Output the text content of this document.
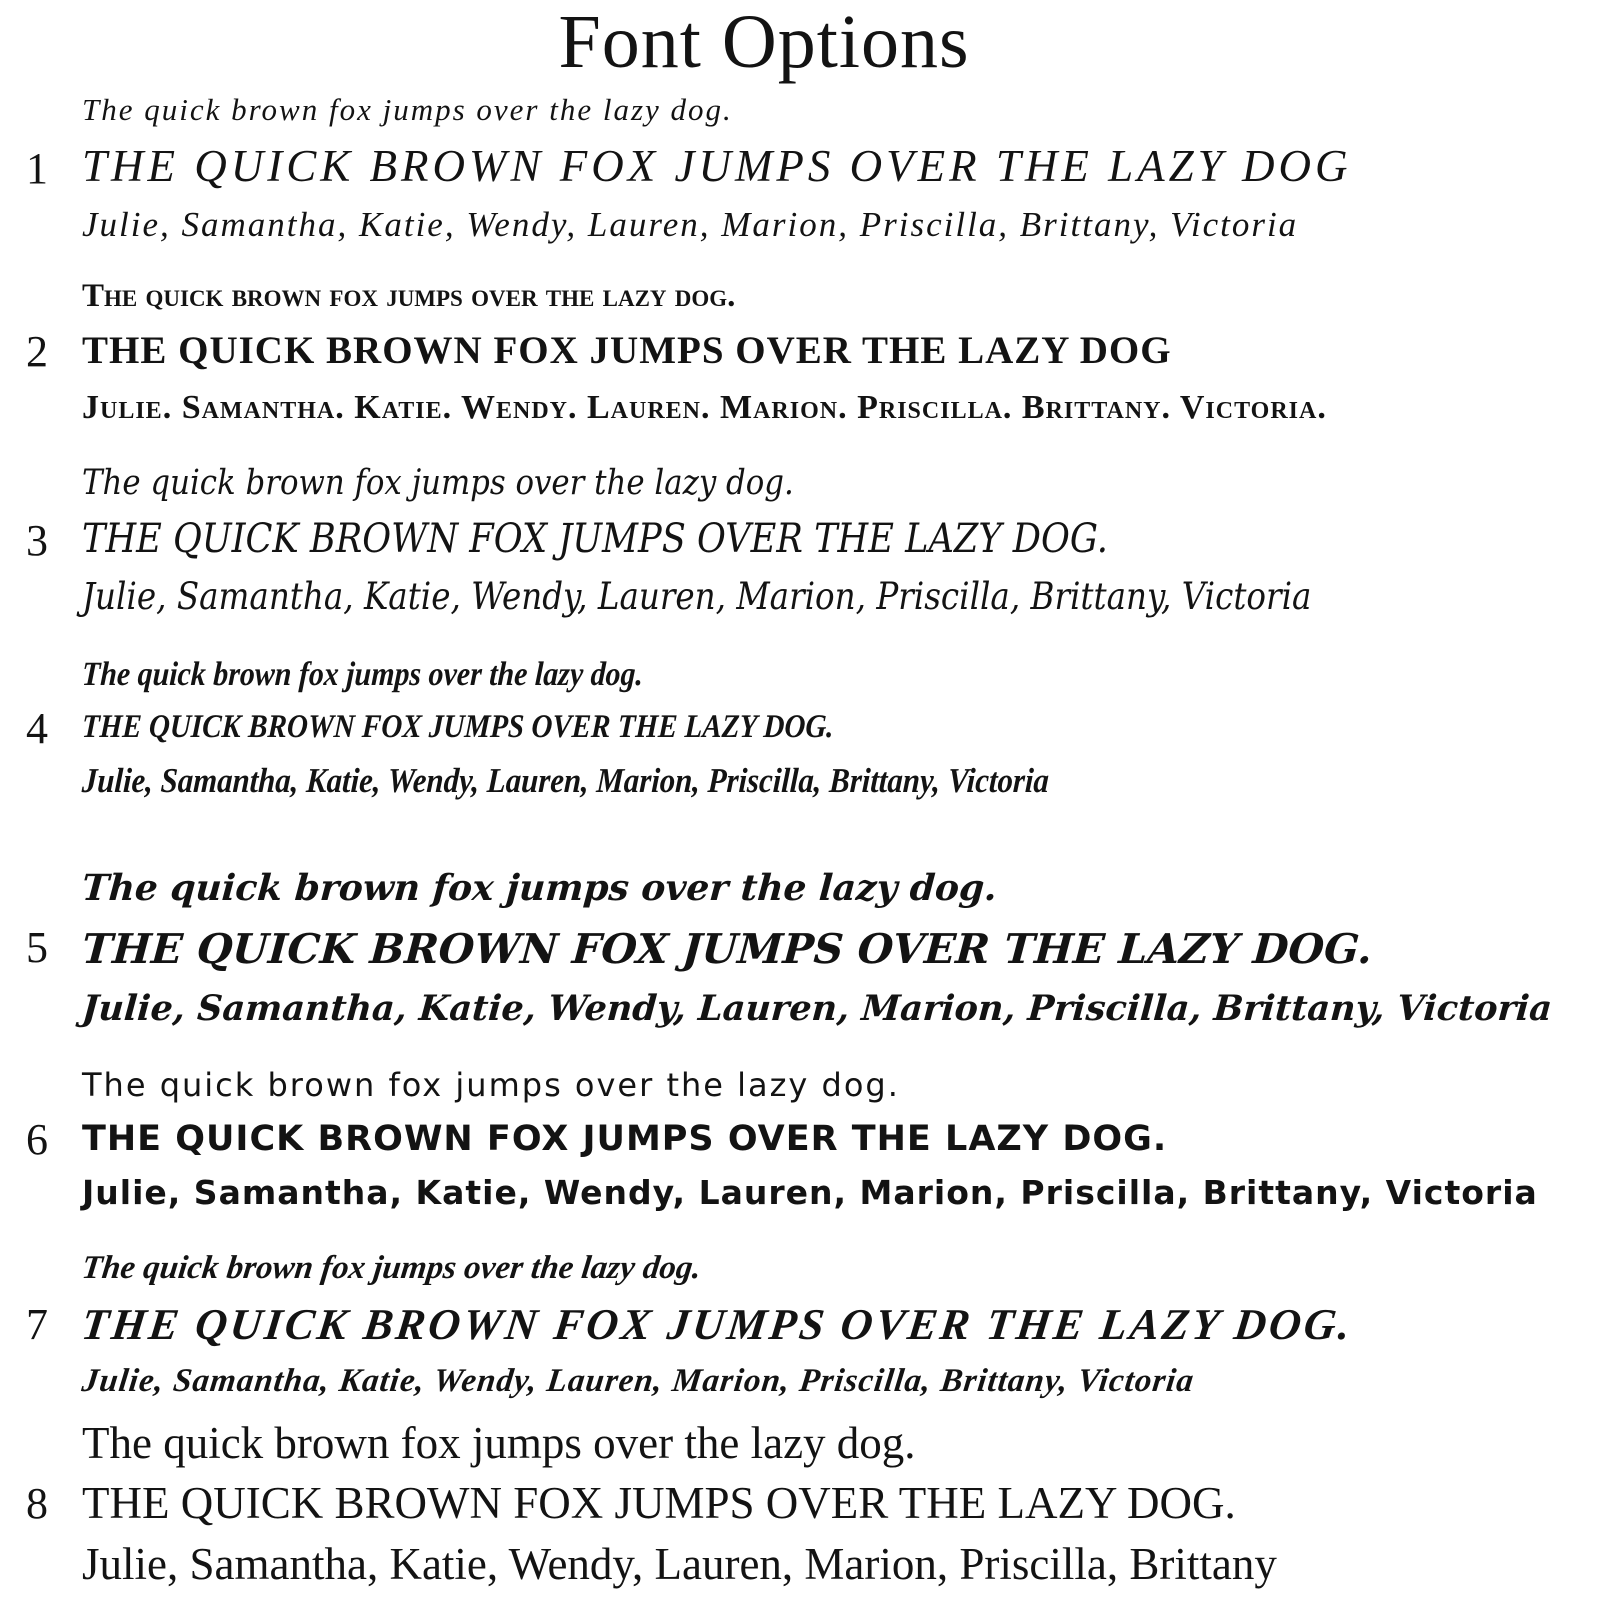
Font Options
1
The quick brown fox jumps over the lazy dog.
THE QUICK BROWN FOX JUMPS OVER THE LAZY DOG
Julie, Samantha, Katie, Wendy, Lauren, Marion, Priscilla, Brittany, Victoria
2
The quick brown fox jumps over the lazy dog.
THE QUICK BROWN FOX JUMPS OVER THE LAZY DOG
Julie. Samantha. Katie. Wendy. Lauren. Marion. Priscilla. Brittany. Victoria.
3
The quick brown fox jumps over the lazy dog.
THE QUICK BROWN FOX JUMPS OVER THE LAZY DOG.
Julie, Samantha, Katie, Wendy, Lauren, Marion, Priscilla, Brittany, Victoria
4
The quick brown fox jumps over the lazy dog.
THE QUICK BROWN FOX JUMPS OVER THE LAZY DOG.
Julie, Samantha, Katie, Wendy, Lauren, Marion, Priscilla, Brittany, Victoria
5
The quick brown fox jumps over the lazy dog.
THE QUICK BROWN FOX JUMPS OVER THE LAZY DOG.
Julie, Samantha, Katie, Wendy, Lauren, Marion, Priscilla, Brittany, Victoria
6
The quick brown fox jumps over the lazy dog.
THE QUICK BROWN FOX JUMPS OVER THE LAZY DOG.
Julie, Samantha, Katie, Wendy, Lauren, Marion, Priscilla, Brittany, Victoria
7
The quick brown fox jumps over the lazy dog.
THE QUICK BROWN FOX JUMPS OVER THE LAZY DOG.
Julie, Samantha, Katie, Wendy, Lauren, Marion, Priscilla, Brittany, Victoria
8
The quick brown fox jumps over the lazy dog.
THE QUICK BROWN FOX JUMPS OVER THE LAZY DOG.
Julie, Samantha, Katie, Wendy, Lauren, Marion, Priscilla, Brittany
